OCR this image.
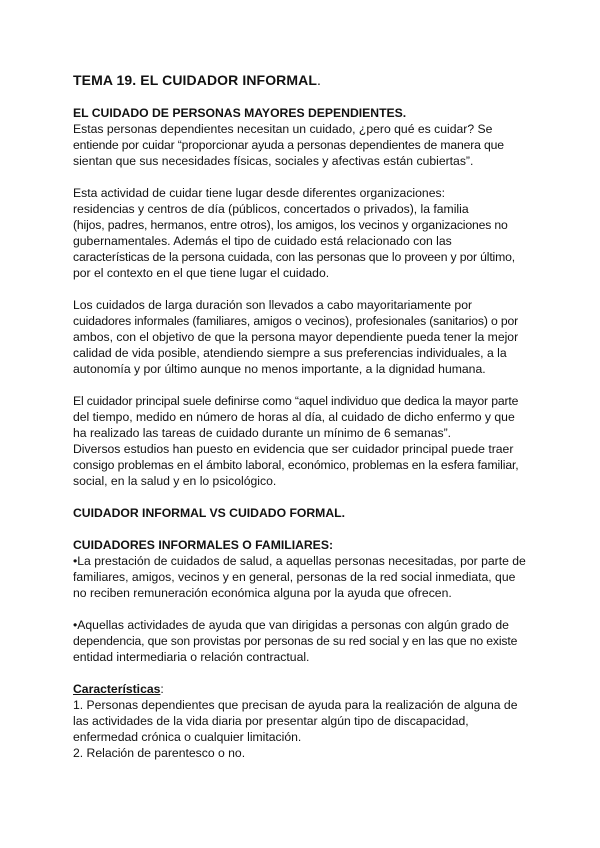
TEMA 19. EL CUIDADOR INFORMAL.

EL CUIDADO DE PERSONAS MAYORES DEPENDIENTES.

Estas personas dependientes necesitan un cuidado, ¿pero qué es cuidar? Se

entiende por cuidar “proporcionar ayuda a personas dependientes de manera que

sientan que sus necesidades físicas, sociales y afectivas están cubiertas”.

Esta actividad de cuidar tiene lugar desde diferentes organizaciones:

residencias y centros de día (públicos, concertados o privados), la familia

(hijos, padres, hermanos, entre otros), los amigos, los vecinos y organizaciones no

gubernamentales. Además el tipo de cuidado está relacionado con las

características de la persona cuidada, con las personas que lo proveen y por último,

por el contexto en el que tiene lugar el cuidado.

Los cuidados de larga duración son llevados a cabo mayoritariamente por

cuidadores informales (familiares, amigos o vecinos), profesionales (sanitarios) o por

ambos, con el objetivo de que la persona mayor dependiente pueda tener la mejor

calidad de vida posible, atendiendo siempre a sus preferencias individuales, a la

autonomía y por último aunque no menos importante, a la dignidad humana.

El cuidador principal suele definirse como “aquel individuo que dedica la mayor parte

del tiempo, medido en número de horas al día, al cuidado de dicho enfermo y que

ha realizado las tareas de cuidado durante un mínimo de 6 semanas”.

Diversos estudios han puesto en evidencia que ser cuidador principal puede traer

consigo problemas en el ámbito laboral, económico, problemas en la esfera familiar,

social, en la salud y en lo psicológico.

CUIDADOR INFORMAL VS CUIDADO FORMAL.

CUIDADORES INFORMALES O FAMILIARES:

•La prestación de cuidados de salud, a aquellas personas necesitadas, por parte de

familiares, amigos, vecinos y en general, personas de la red social inmediata, que

no reciben remuneración económica alguna por la ayuda que ofrecen.

•Aquellas actividades de ayuda que van dirigidas a personas con algún grado de

dependencia, que son provistas por personas de su red social y en las que no existe

entidad intermediaria o relación contractual.

Características:

1. Personas dependientes que precisan de ayuda para la realización de alguna de

las actividades de la vida diaria por presentar algún tipo de discapacidad,

enfermedad crónica o cualquier limitación.

2. Relación de parentesco o no.
